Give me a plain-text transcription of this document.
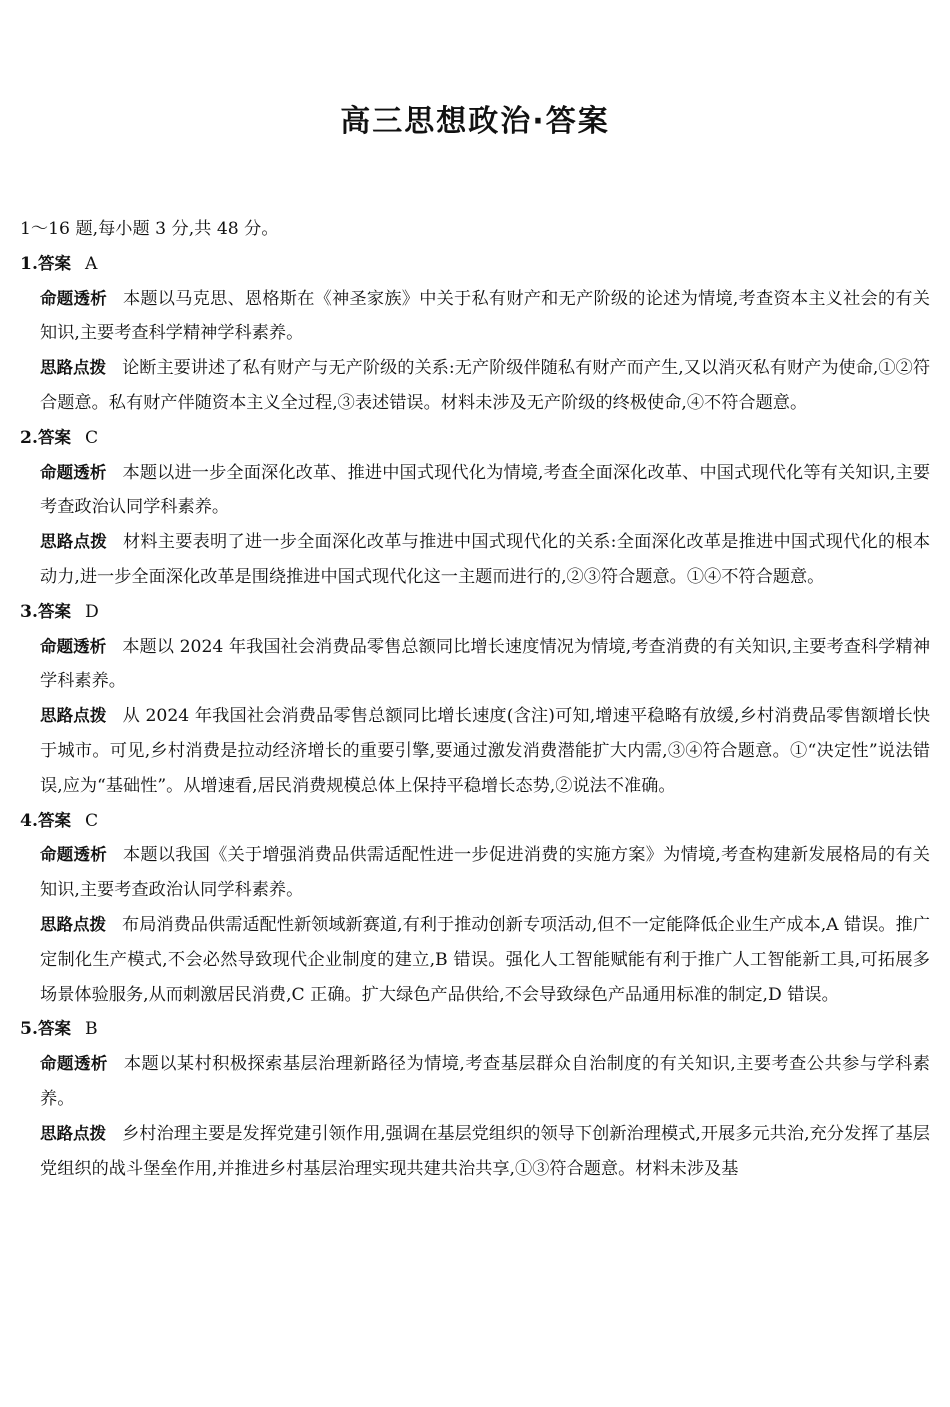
高三思想政治·答案
1～16 题,每小题 3 分,共 48 分。
1.答案 A

命题透析 本题以马克思、恩格斯在《神圣家族》中关于私有财产和无产阶级的论述为情境,考查资本主义社会的有关知识,主要考查科学精神学科素养。

思路点拨 论断主要讲述了私有财产与无产阶级的关系:无产阶级伴随私有财产而产生,又以消灭私有财产为使命,①②符合题意。私有财产伴随资本主义全过程,③表述错误。材料未涉及无产阶级的终极使命,④不符合题意。

2.答案 C

命题透析 本题以进一步全面深化改革、推进中国式现代化为情境,考查全面深化改革、中国式现代化等有关知识,主要考查政治认同学科素养。

思路点拨 材料主要表明了进一步全面深化改革与推进中国式现代化的关系:全面深化改革是推进中国式现代化的根本动力,进一步全面深化改革是围绕推进中国式现代化这一主题而进行的,②③符合题意。①④不符合题意。

3.答案 D

命题透析 本题以 2024 年我国社会消费品零售总额同比增长速度情况为情境,考查消费的有关知识,主要考查科学精神学科素养。

思路点拨 从 2024 年我国社会消费品零售总额同比增长速度(含注)可知,增速平稳略有放缓,乡村消费品零售额增长快于城市。可见,乡村消费是拉动经济增长的重要引擎,要通过激发消费潜能扩大内需,③④符合题意。①“决定性”说法错误,应为“基础性”。从增速看,居民消费规模总体上保持平稳增长态势,②说法不准确。

4.答案 C

命题透析 本题以我国《关于增强消费品供需适配性进一步促进消费的实施方案》为情境,考查构建新发展格局的有关知识,主要考查政治认同学科素养。

思路点拨 布局消费品供需适配性新领域新赛道,有利于推动创新专项活动,但不一定能降低企业生产成本,A 错误。推广定制化生产模式,不会必然导致现代企业制度的建立,B 错误。强化人工智能赋能有利于推广人工智能新工具,可拓展多场景体验服务,从而刺激居民消费,C 正确。扩大绿色产品供给,不会导致绿色产品通用标准的制定,D 错误。

5.答案 B

命题透析 本题以某村积极探索基层治理新路径为情境,考查基层群众自治制度的有关知识,主要考查公共参与学科素养。

思路点拨 乡村治理主要是发挥党建引领作用,强调在基层党组织的领导下创新治理模式,开展多元共治,充分发挥了基层党组织的战斗堡垒作用,并推进乡村基层治理实现共建共治共享,①③符合题意。材料未涉及基
